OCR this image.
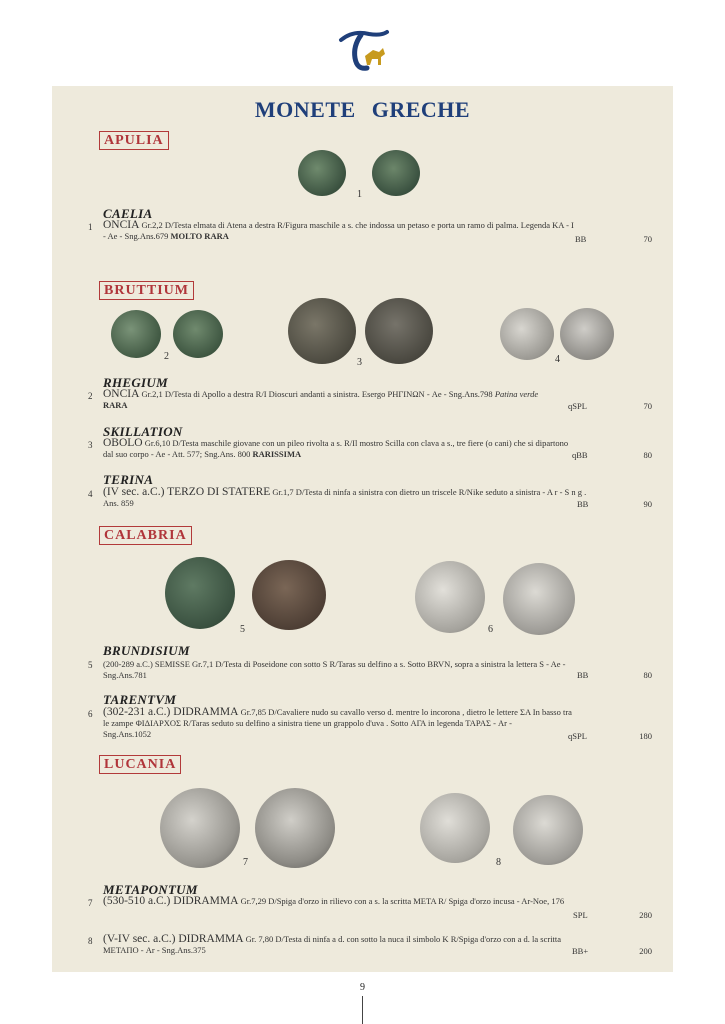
MONETE GRECHE
APULIA
1
CAELIA
1 ONCIA Gr.2,2 D/Testa elmata di Atena a destra R/Figura maschile a s. che indossa un petaso e porta un ramo di palma. Legenda KA - I
- Ae - Sng.Ans.679 MOLTO RARA	BB	70
BRUTTIUM
2
3	4
RHEGIUM
2 ONCIA Gr.2,1 D/Testa di Apollo a destra R/I Dioscuri andanti a sinistra. Esergo ΡΗΓΙΝΩΝ - Ae - Sng.Ans.798 Patina verde
RARA	qSPL	70
SKILLATION
3 OBOLO Gr.6,10 D/Testa maschile giovane con un pileo rivolta a s. R/Il mostro Scilla con clava a s., tre fiere (o cani) che si dipartono
dal suo corpo - Ae - Att. 577; Sng.Ans. 800 RARISSIMA	qBB	80
TERINA
4 (IV sec. a.C.) TERZO DI STATERE Gr.1,7 D/Testa di ninfa a sinistra con dietro un triscele R/Nike seduto a sinistra - A r - S n g .
Ans. 859	BB	90
CALABRIA
5	6
BRUNDISIUM
5 (200-289 a.C.) SEMISSE Gr.7,1 D/Testa di Poseidone con sotto S R/Taras su delfino a s. Sotto BRVN, sopra a sinistra la lettera S - Ae -
Sng.Ans.781	BB	80
TARENTVM
6 (302-231 a.C.) DIDRAMMA Gr.7,85 D/Cavaliere nudo su cavallo verso d. mentre lo incorona , dietro le lettere ΣΑ In basso tra
le zampe ΦΙΔΙΑΡΧΟΣ R/Taras seduto su delfino a sinistra tiene un grappolo d'uva . Sotto ΑΓΑ in legenda ΤΑΡΑΣ - Ar -
Sng.Ans.1052	qSPL	180
LUCANIA
7	8
METAPONTUM
7 (530-510 a.C.) DIDRAMMA Gr.7,29 D/Spiga d'orzo in rilievo con a s. la scritta META R/ Spiga d'orzo incusa - Ar-Noe, 176
SPL	280
8 (V-IV sec. a.C.) DIDRAMMA Gr. 7,80 D/Testa di ninfa a d. con sotto la nuca il simbolo K R/Spiga d'orzo con a d. la scritta
ΜΕΤΑΠΟ - Ar - Sng.Ans.375	BB+	200
9
